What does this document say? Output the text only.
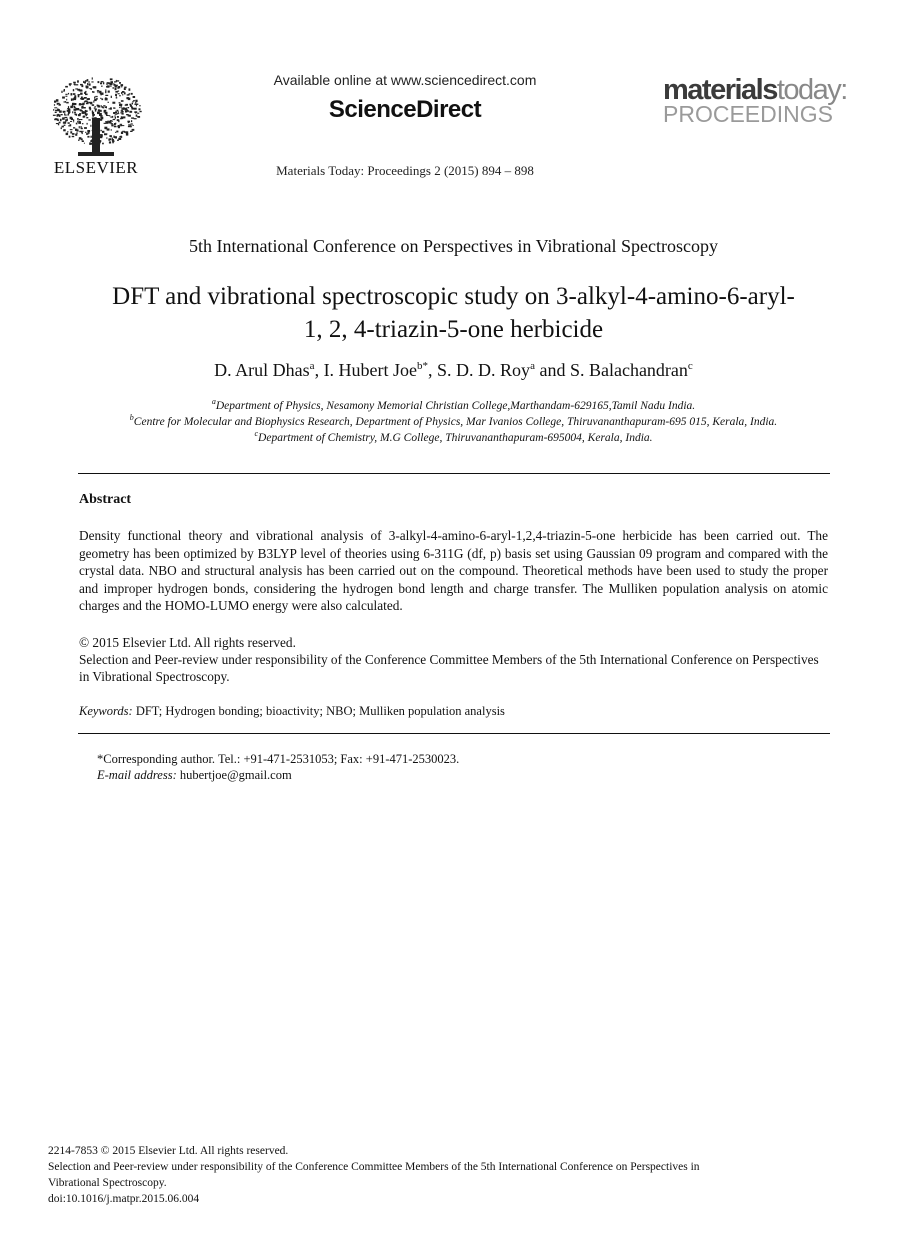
ELSEVIER
Available online at www.sciencedirect.com
ScienceDirect
Materials Today: Proceedings 2 (2015) 894 – 898
materialstoday:
PROCEEDINGS
5th International Conference on Perspectives in Vibrational Spectroscopy
DFT and vibrational spectroscopic study on 3-alkyl-4-amino-6-aryl-
1, 2, 4-triazin-5-one herbicide
D. Arul Dhas$^a$, I. Hubert Joe$^{b*}$, S. D. D. Roy$^a$ and S. Balachandran$^c$
$^a$Department of Physics, Nesamony Memorial Christian College,Marthandam-629165,Tamil Nadu India.
$^b$Centre for Molecular and Biophysics Research, Department of Physics, Mar Ivanios College, Thiruvananthapuram-695 015, Kerala, India.
$^c$Department of Chemistry, M.G College, Thiruvananthapuram-695004, Kerala, India.
Abstract
Density functional theory and vibrational analysis of 3-alkyl-4-amino-6-aryl-1,2,4-triazin-5-one herbicide has been carried out. The geometry has been optimized by B3LYP level of theories using 6-311G (df, p) basis set using Gaussian 09 program and compared with the crystal data. NBO and structural analysis has been carried out on the compound. Theoretical methods have been used to study the proper and improper hydrogen bonds, considering the hydrogen bond length and charge transfer. The Mulliken population analysis on atomic charges and the HOMO-LUMO energy were also calculated.
© 2015 Elsevier Ltd. All rights reserved.
Selection and Peer-review under responsibility of the Conference Committee Members of the 5th International Conference on Perspectives in Vibrational Spectroscopy.
Keywords: DFT; Hydrogen bonding; bioactivity; NBO; Mulliken population analysis
*Corresponding author. Tel.: +91-471-2531053; Fax: +91-471-2530023.
E-mail address: hubertjoe@gmail.com
2214-7853 © 2015 Elsevier Ltd. All rights reserved.
Selection and Peer-review under responsibility of the Conference Committee Members of the 5th International Conference on Perspectives in Vibrational Spectroscopy.
doi:10.1016/j.matpr.2015.06.004
